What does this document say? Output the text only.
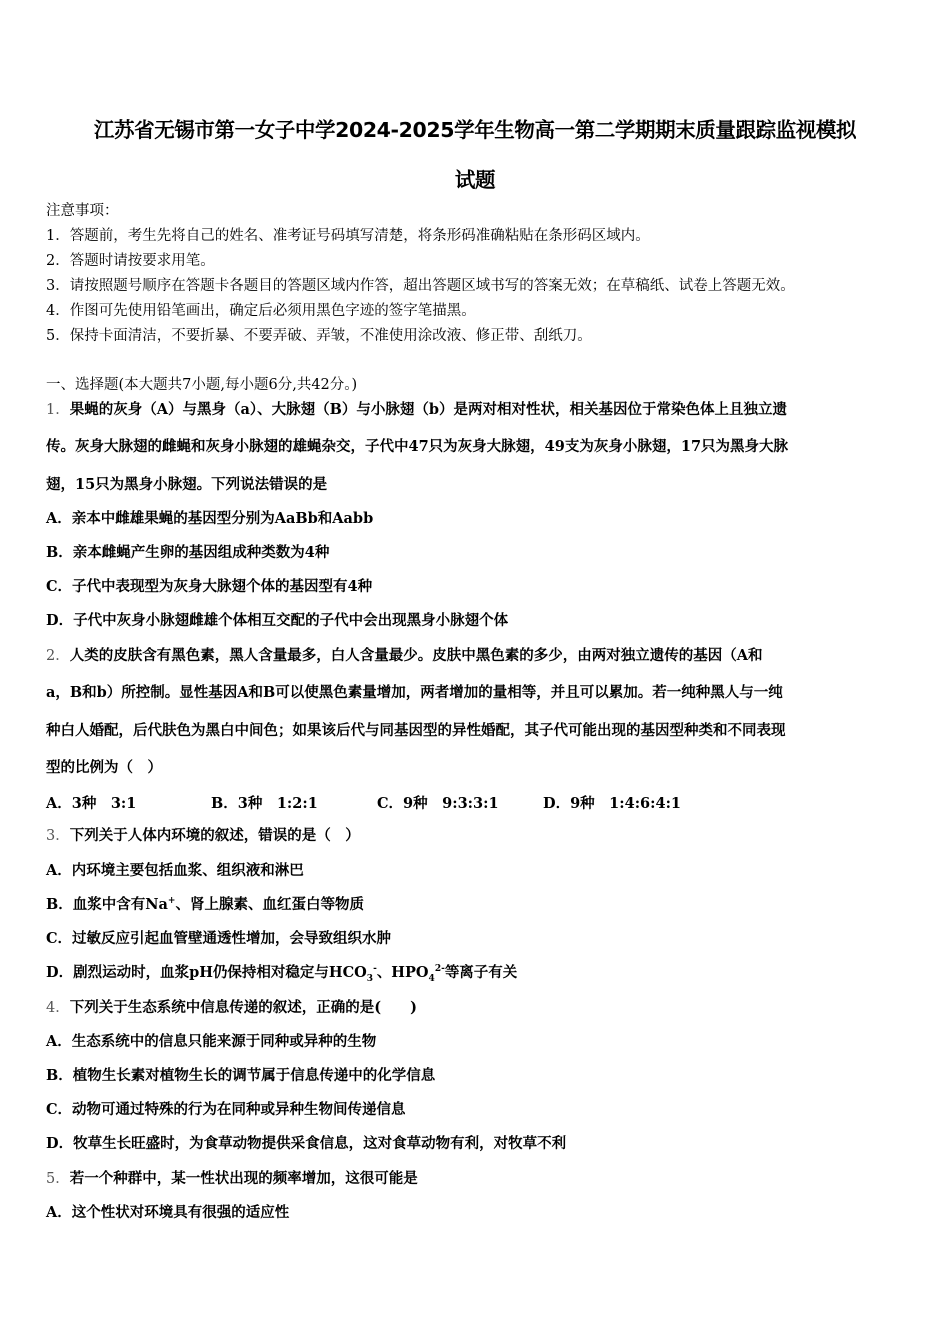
江苏省无锡市第一女子中学2024-2025学年生物高一第二学期期末质量跟踪监视模拟
试题
注意事项：
1．答题前，考生先将自己的姓名、准考证号码填写清楚，将条形码准确粘贴在条形码区域内。
2．答题时请按要求用笔。
3．请按照题号顺序在答题卡各题目的答题区域内作答，超出答题区域书写的答案无效；在草稿纸、试卷上答题无效。
4．作图可先使用铅笔画出，确定后必须用黑色字迹的签字笔描黑。
5．保持卡面清洁，不要折暴、不要弄破、弄皱，不准使用涂改液、修正带、刮纸刀。
一、选择题(本大题共7小题,每小题6分,共42分。)
1．果蝇的灰身（A）与黑身（a）、大脉翅（B）与小脉翅（b）是两对相对性状，相关基因位于常染色体上且独立遗
传。灰身大脉翅的雌蝇和灰身小脉翅的雄蝇杂交，子代中47只为灰身大脉翅，49支为灰身小脉翅，17只为黑身大脉
翅，15只为黑身小脉翅。下列说法错误的是
A．亲本中雌雄果蝇的基因型分别为AaBb和Aabb
B．亲本雌蝇产生卵的基因组成种类数为4种
C．子代中表现型为灰身大脉翅个体的基因型有4种
D．子代中灰身小脉翅雌雄个体相互交配的子代中会出现黑身小脉翅个体
2．人类的皮肤含有黑色素，黑人含量最多，白人含量最少。皮肤中黑色素的多少，由两对独立遗传的基因（A和
a，B和b）所控制。显性基因A和B可以使黑色素量增加，两者增加的量相等，并且可以累加。若一纯种黑人与一纯
种白人婚配，后代肤色为黑白中间色；如果该后代与同基因型的异性婚配，其子代可能出现的基因型种类和不同表现
型的比例为（　）
A．3种　3:1	B．3种　1:2:1	C．9种　9:3:3:1	D．9种　1:4:6:4:1
3．下列关于人体内环境的叙述，错误的是（　）
A．内环境主要包括血浆、组织液和淋巴
B．血浆中含有Na+、肾上腺素、血红蛋白等物质
C．过敏反应引起血管壁通透性增加，会导致组织水肿
D．剧烈运动时，血浆pH仍保持相对稳定与$HCO_3^-$、$HPO_4^{2-}$等离子有关
4．下列关于生态系统中信息传递的叙述，正确的是(　　)
A．生态系统中的信息只能来源于同种或异种的生物
B．植物生长素对植物生长的调节属于信息传递中的化学信息
C．动物可通过特殊的行为在同种或异种生物间传递信息
D．牧草生长旺盛时，为食草动物提供采食信息，这对食草动物有利，对牧草不利
5．若一个种群中，某一性状出现的频率增加，这很可能是
A．这个性状对环境具有很强的适应性
